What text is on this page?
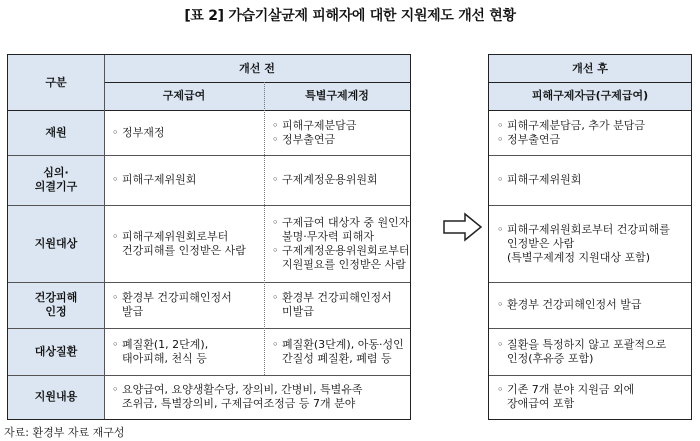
[표 2] 가습기살균제 피해자에 대한 지원제도 개선 현황
구분
개선 전
구제급여	특별구제계정
재원
심의·
의결기구
지원대상
건강피해
인정
대상질환
지원내용
◦ 정부재정
◦ 피해구제위원회
◦ 피해구제위원회로부터
건강피해를 인정받은 사람
◦ 환경부 건강피해인정서
발급
◦ 폐질환(1, 2단계),
태아피해, 천식 등
◦ 피해구제분담금
◦ 정부출연금
◦ 구제계정운용위원회
◦ 구제급여 대상자 중 원인자
불명·무자력 피해자
◦ 구제계정운용위원회로부터
지원필요를 인정받은 사람
◦ 환경부 건강피해인정서
미발급
◦ 폐질환(3단계), 아동·성인
간질성 폐질환, 폐렴 등
◦ 요양급여, 요양생활수당, 장의비, 간병비, 특별유족
조위금, 특별장의비, 구제급여조정금 등 7개 분야
개선 후
피해구제자금(구제급여)
◦ 피해구제분담금, 추가 분담금
◦ 정부출연금
◦ 피해구제위원회
◦ 피해구제위원회로부터 건강피해를
인정받은 사람
(특별구제계정 지원대상 포함)
◦ 환경부 건강피해인정서 발급
◦ 질환을 특정하지 않고 포괄적으로
인정(후유증 포함)
◦ 기존 7개 분야 지원금 외에
장애급여 포함
자료: 환경부 자료 재구성
